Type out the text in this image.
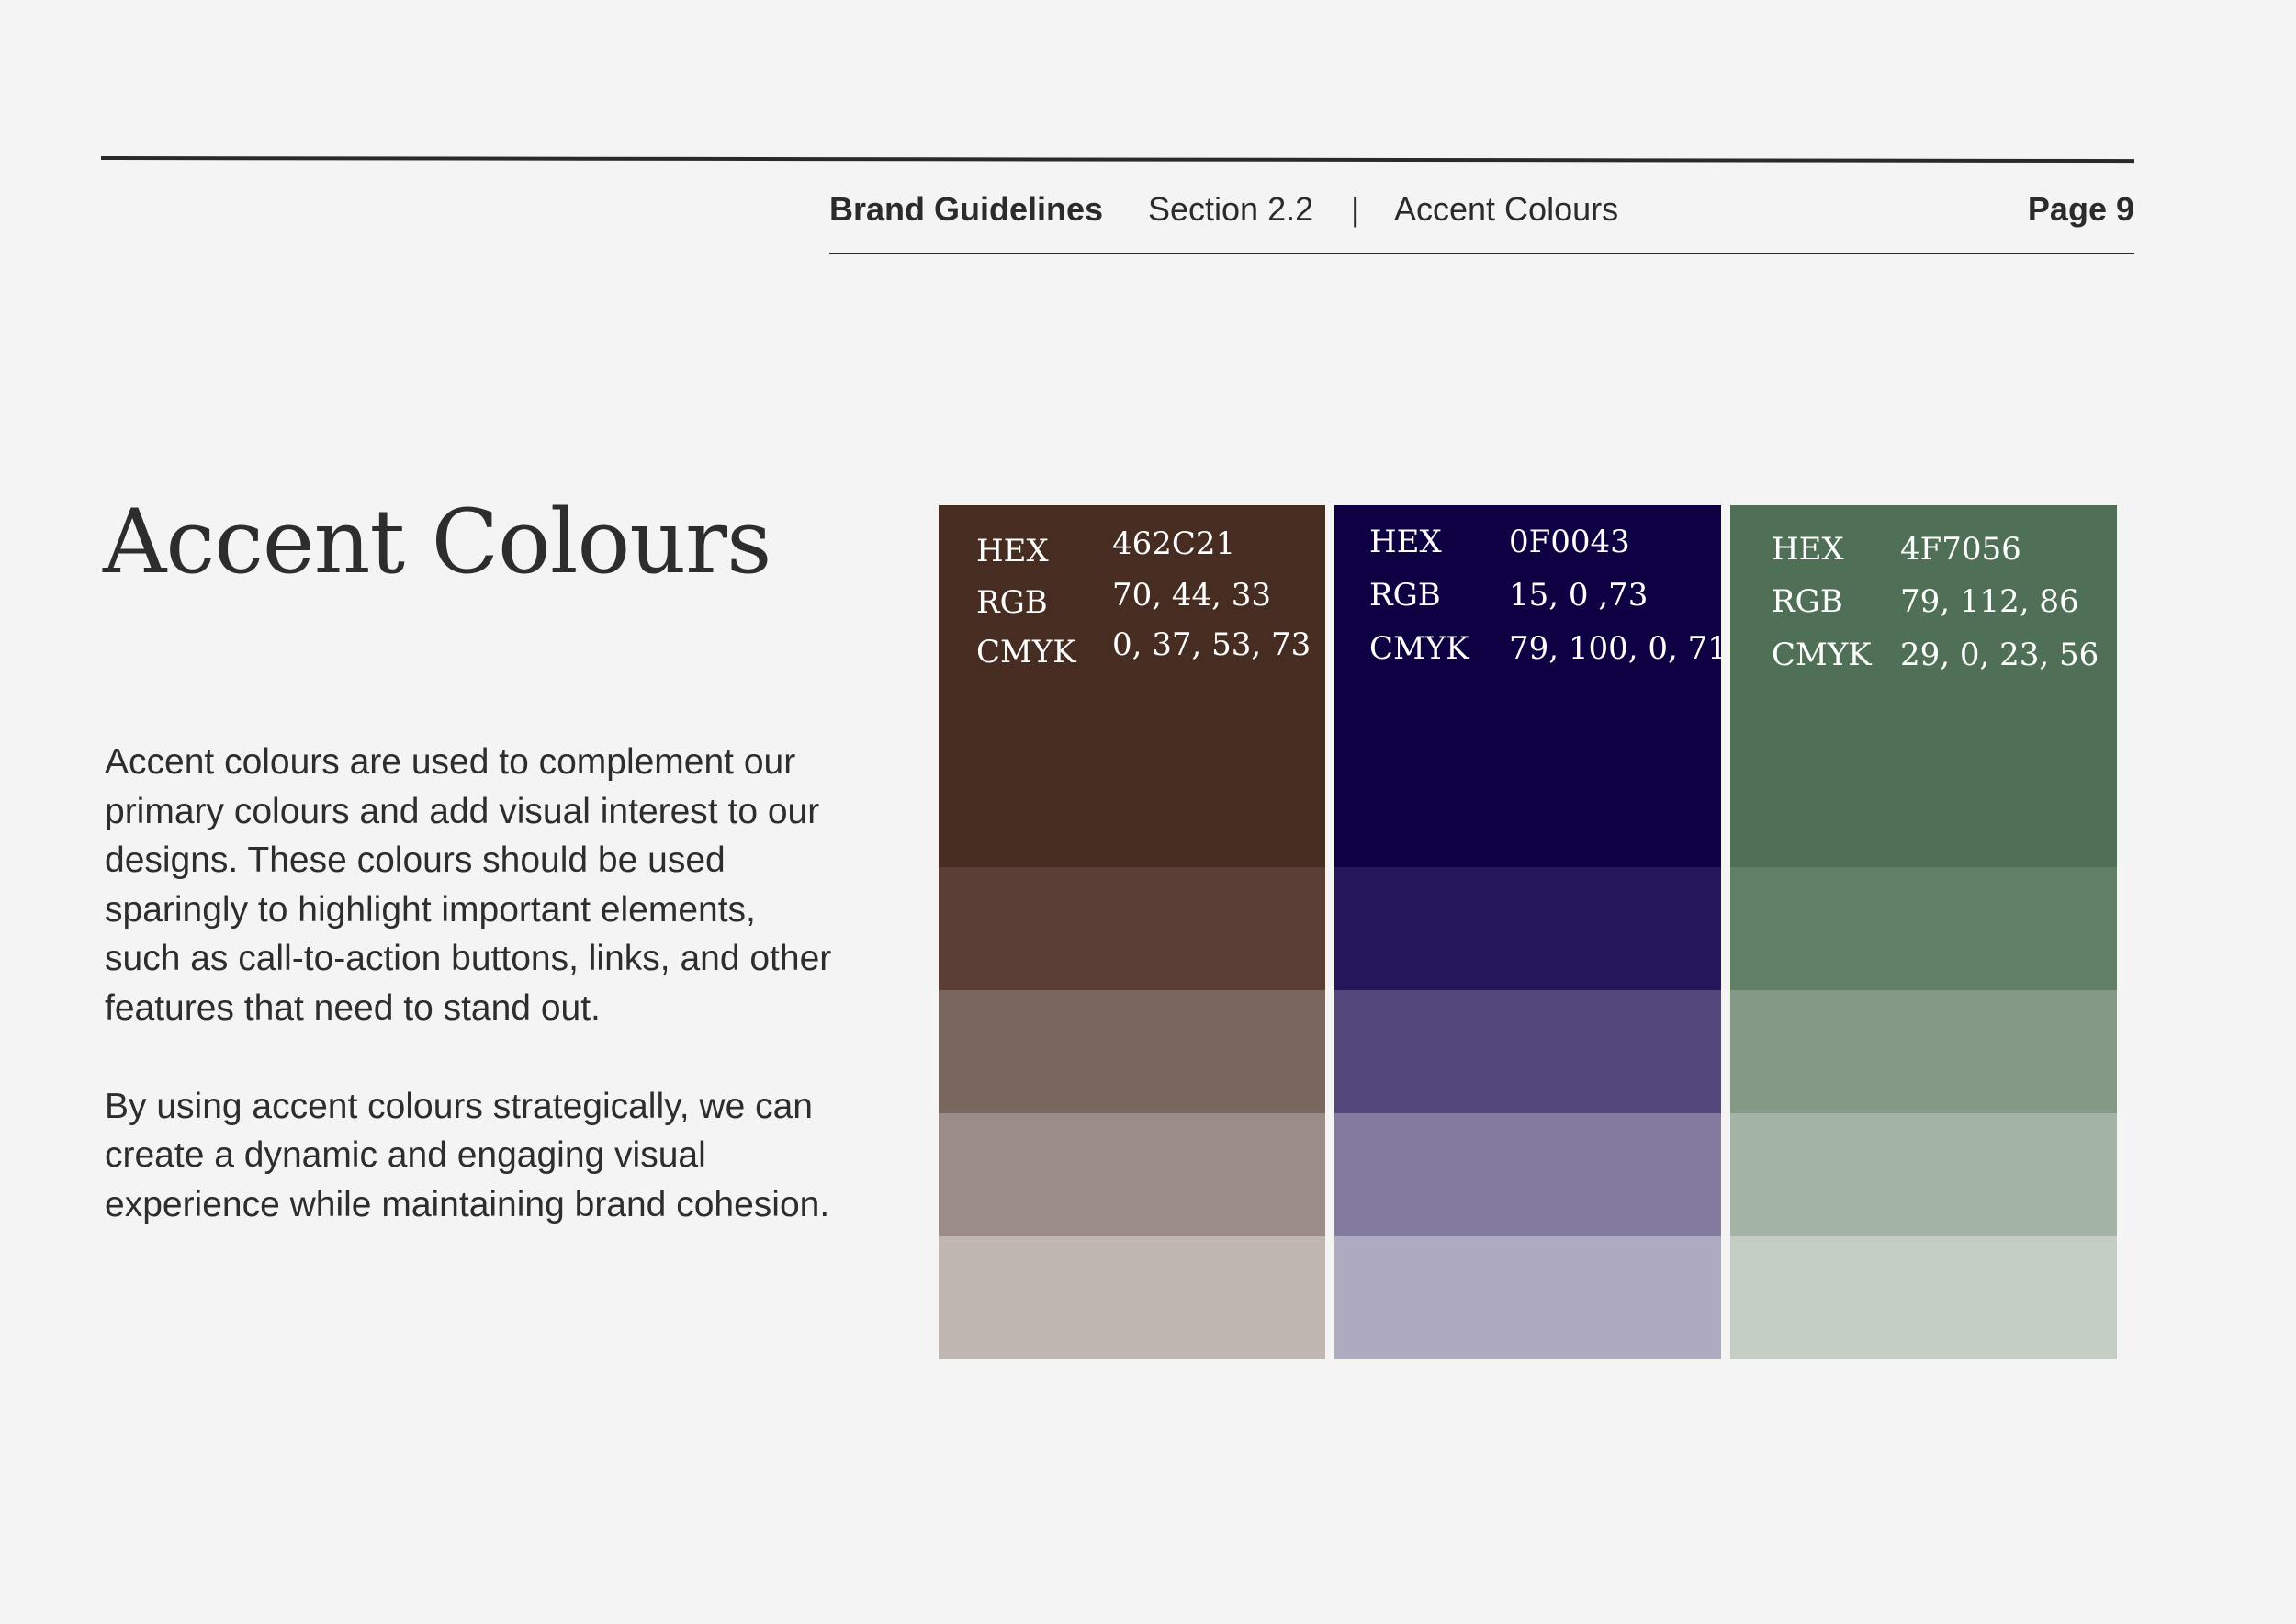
Brand Guidelines Section 2.2 | Accent Colours	Page 9
Accent Colours

Accent colours are used to complement our primary colours and add visual interest to our designs. These colours should be used sparingly to highlight important elements, such as call-to-action buttons, links, and other features that need to stand out.

By using accent colours strategically, we can create a dynamic and engaging visual experience while maintaining brand cohesion.

HEX 462C21
RGB 70, 44, 33
CMYK 0, 37, 53, 73
HEX 0F0043
RGB 15, 0 ,73
CMYK 79, 100, 0, 71
HEX 4F7056
RGB 79, 112, 86
CMYK 29, 0, 23, 56
